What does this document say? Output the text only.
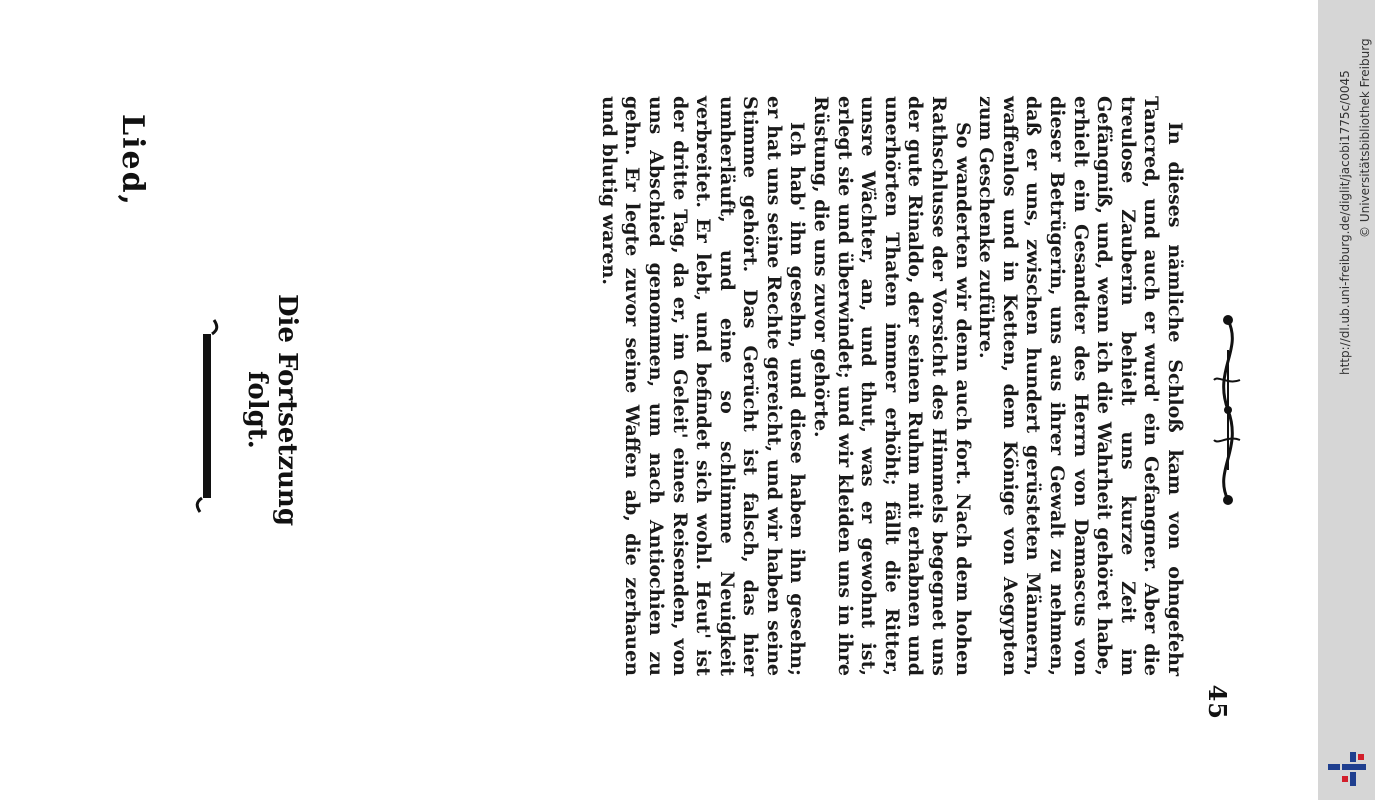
45

In dieses nämliche Schloß kam von ohngefehr Tancred, und auch er wurd' ein Gefangner. Aber die treulose Zauberin behielt uns kurze Zeit im Gefängniß, und, wenn ich die Wahrheit gehöret habe, erhielt ein Gesandter des Herrn von Damascus von dieser Betrügerin, uns aus ihrer Gewalt zu nehmen, daß er uns, zwischen hundert gerüsteten Männern, waffenlos und in Ketten, dem Könige von Aegypten zum Geschenke zuführe.

So wanderten wir denn auch fort. Nach dem hohen Rathschlusse der Vorsicht des Himmels begegnet uns der gute Rinaldo, der seinen Ruhm mit erhabnen und unerhörten Thaten immer erhöht; fällt die Ritter, unsre Wächter, an, und thut, was er gewohnt ist, erlegt sie und überwindet; und wir kleiden uns in ihre Rüstung, die uns zuvor gehörte.

Ich hab' ihn gesehn, und diese haben ihn gesehn; er hat uns seine Rechte gereicht, und wir haben seine Stimme gehört. Das Gerücht ist falsch, das hier umherläuft, und eine so schlimme Neuigkeit verbreitet. Er lebt, und befindet sich wohl. Heut' ist der dritte Tag, da er, im Geleit' eines Reisenden, von uns Abschied genommen, um nach Antiochien zu gehn. Er legte zuvor seine Waffen ab, die zerhauen und blutig waren.

Die Fortsetzung folgt.
Lied,	http://dl.ub.uni-freiburg.de/diglit/jacobi1775c/0045 © Universitätsbibliothek Freiburg
